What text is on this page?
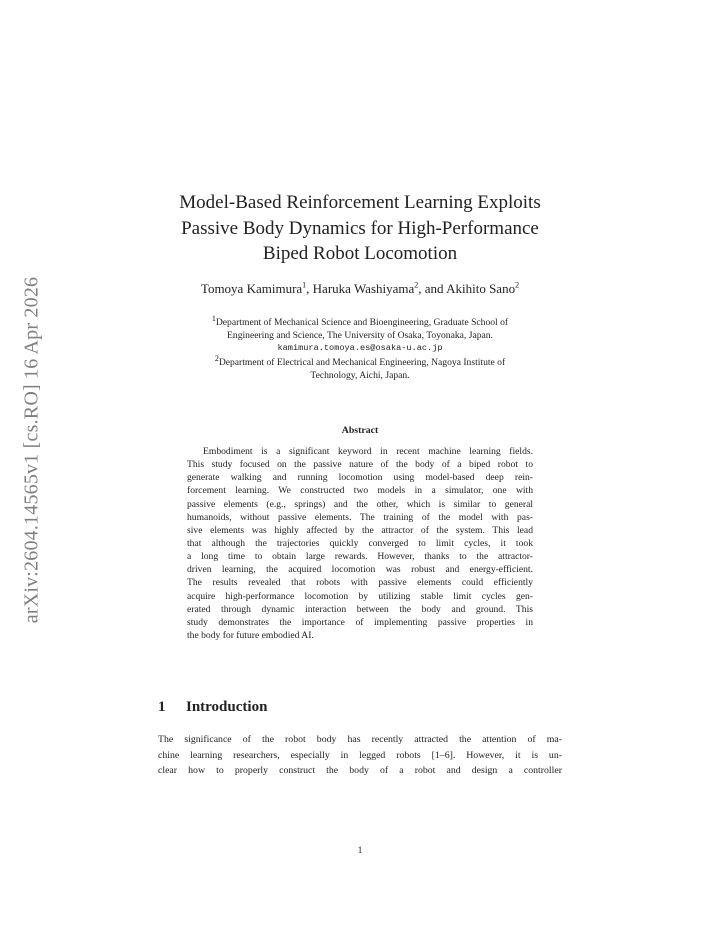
arXiv:2604.14565v1 [cs.RO] 16 Apr 2026
Model-Based Reinforcement Learning Exploits
Passive Body Dynamics for High-Performance
Biped Robot Locomotion
Tomoya Kamimura$^1$, Haruka Washiyama$^2$, and Akihito Sano$^2$
$^1$Department of Mechanical Science and Bioengineering, Graduate School of
Engineering and Science, The University of Osaka, Toyonaka, Japan.
kamimura.tomoya.es@osaka-u.ac.jp
$^2$Department of Electrical and Mechanical Engineering, Nagoya Institute of
Technology, Aichi, Japan.
Abstract
Embodiment is a significant keyword in recent machine learning fields.
This study focused on the passive nature of the body of a biped robot to
generate walking and running locomotion using model-based deep rein-
forcement learning. We constructed two models in a simulator, one with
passive elements (e.g., springs) and the other, which is similar to general
humanoids, without passive elements. The training of the model with pas-
sive elements was highly affected by the attractor of the system. This lead
that although the trajectories quickly converged to limit cycles, it took
a long time to obtain large rewards. However, thanks to the attractor-
driven learning, the acquired locomotion was robust and energy-efficient.
The results revealed that robots with passive elements could efficiently
acquire high-performance locomotion by utilizing stable limit cycles gen-
erated through dynamic interaction between the body and ground. This
study demonstrates the importance of implementing passive properties in
the body for future embodied AI.
1 Introduction
The significance of the robot body has recently attracted the attention of ma-
chine learning researchers, especially in legged robots [1–6]. However, it is un-
clear how to properly construct the body of a robot and design a controller
1
